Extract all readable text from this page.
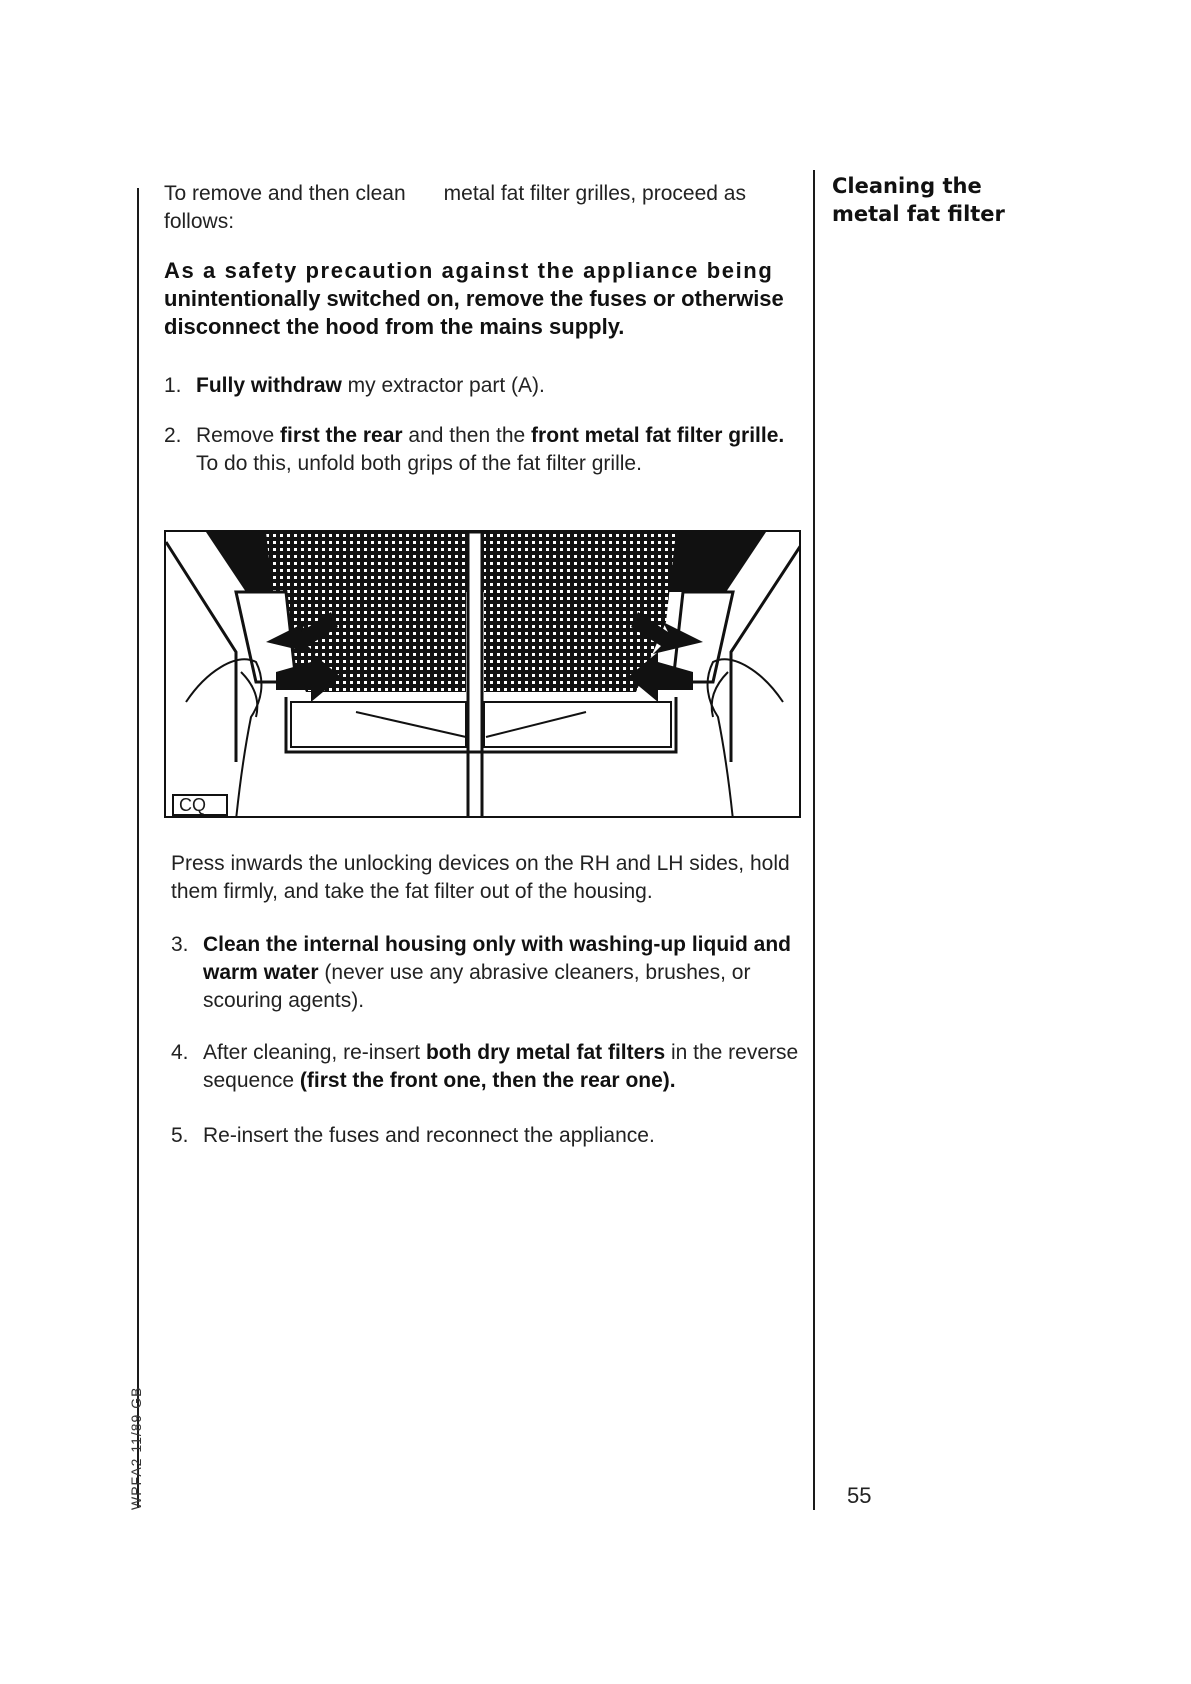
Cleaning the
metal fat filter
To remove and then clean metal fat filter grilles, proceed as follows:
As a safety precaution against the appliance being
unintentionally switched on, remove the fuses or otherwise
disconnect the hood from the mains supply.
1. Fully withdraw my extractor part (A).
2. Remove first the rear and then the front metal fat filter grille.
To do this, unfold both grips of the fat filter grille.
CQ
Press inwards the unlocking devices on the RH and LH sides, hold them firmly, and take the fat filter out of the housing.
3. Clean the internal housing only with washing-up liquid and warm water (never use any abrasive cleaners, brushes, or scouring agents).
4. After cleaning, re-insert both dry metal fat filters in the reverse sequence (first the front one, then the rear one).
5. Re-insert the fuses and reconnect the appliance.
WPFA2 11/89 GB	55
